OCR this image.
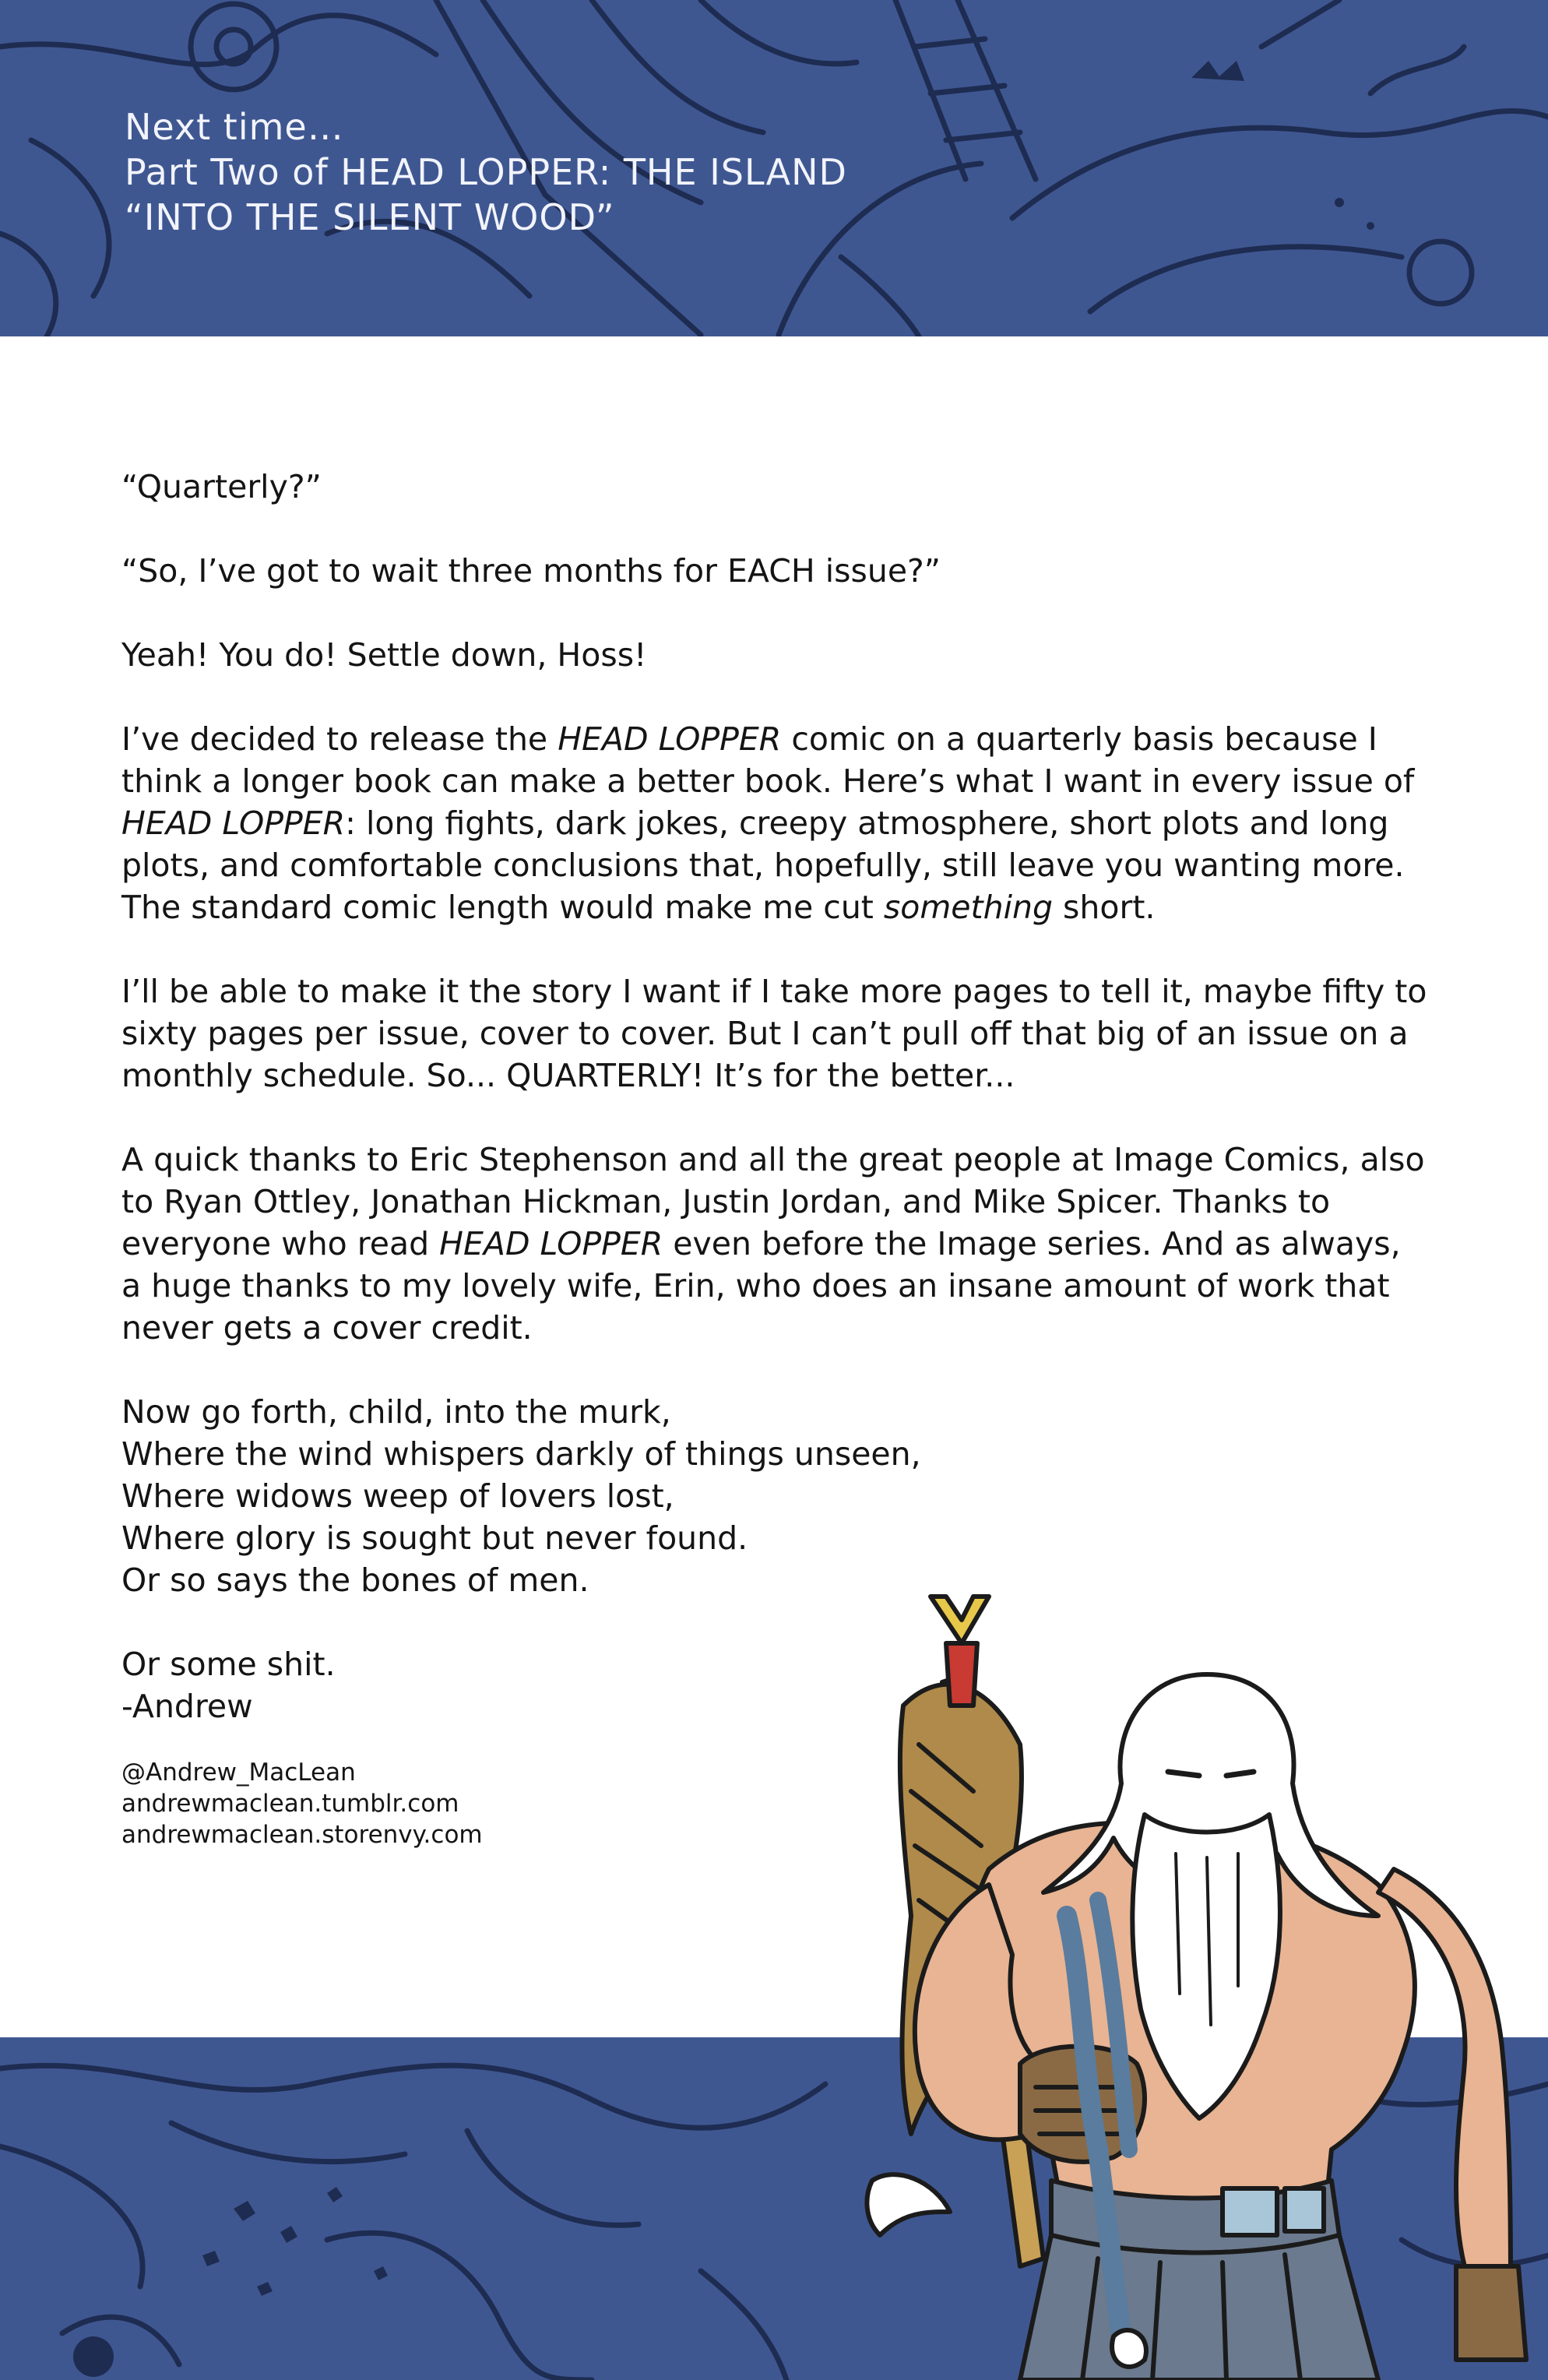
Next time…
Part Two of HEAD LOPPER: THE ISLAND
“INTO THE SILENT WOOD”

“Quarterly?”

“So, I’ve got to wait three months for EACH issue?”

Yeah! You do! Settle down, Hoss!

I’ve decided to release the HEAD LOPPER comic on a quarterly basis because I think a longer book can make a better book. Here’s what I want in every issue of HEAD LOPPER: long fights, dark jokes, creepy atmosphere, short plots and long plots, and comfortable conclusions that, hopefully, still leave you wanting more. The standard comic length would make me cut something short.

I’ll be able to make it the story I want if I take more pages to tell it, maybe fifty to sixty pages per issue, cover to cover. But I can’t pull off that big of an issue on a monthly schedule. So... QUARTERLY! It’s for the better...

A quick thanks to Eric Stephenson and all the great people at Image Comics, also to Ryan Ottley, Jonathan Hickman, Justin Jordan, and Mike Spicer. Thanks to everyone who read HEAD LOPPER even before the Image series. And as always, a huge thanks to my lovely wife, Erin, who does an insane amount of work that never gets a cover credit.

Now go forth, child, into the murk,
Where the wind whispers darkly of things unseen,
Where widows weep of lovers lost,
Where glory is sought but never found.
Or so says the bones of men.

Or some shit.
-Andrew

@Andrew_MacLean
andrewmaclean.tumblr.com
andrewmaclean.storenvy.com
